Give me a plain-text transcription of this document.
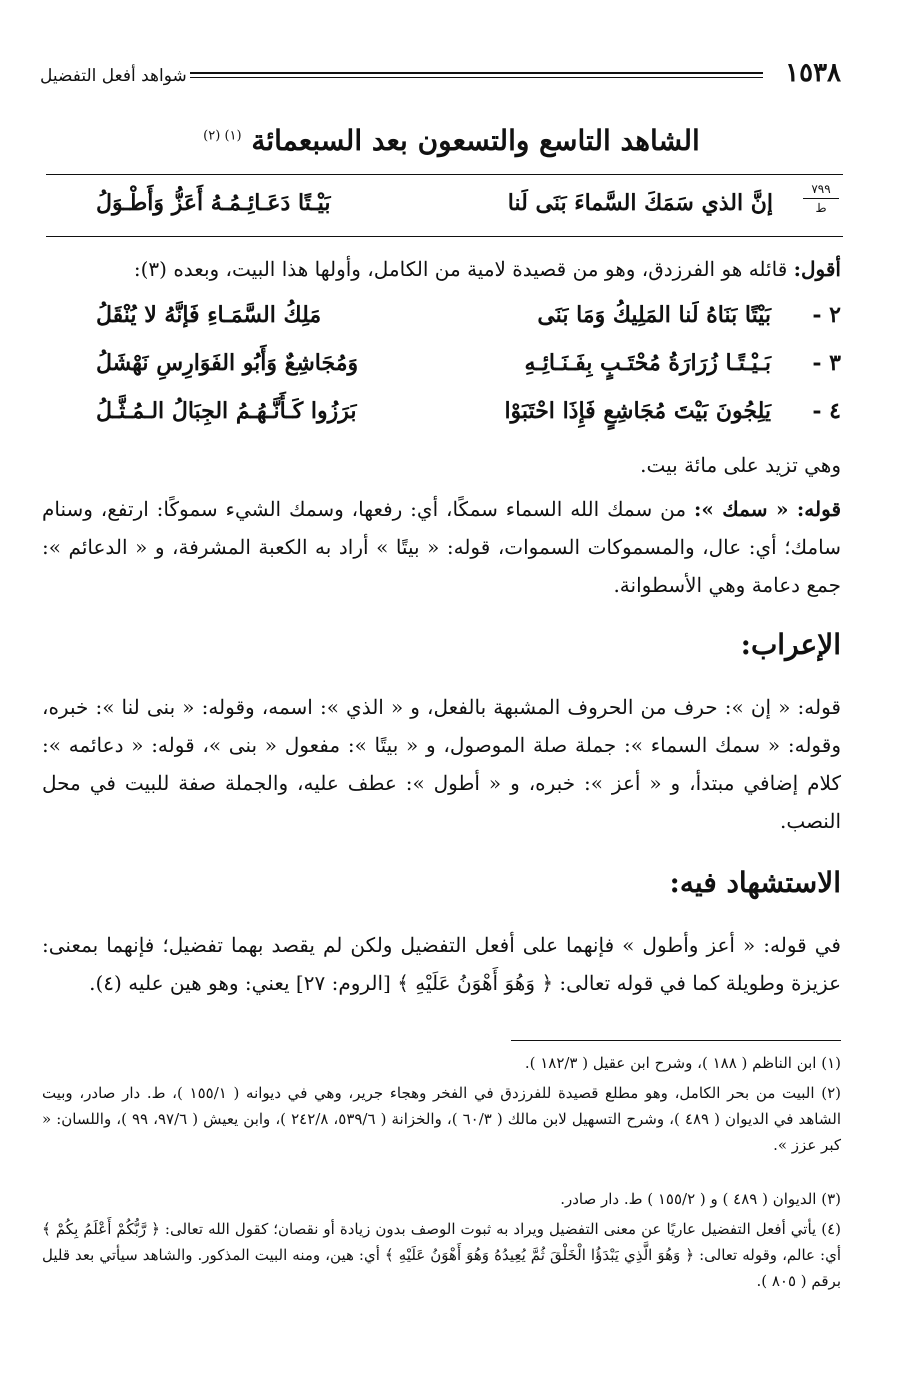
١٥٣٨
شواهد أفعل التفضيل
الشاهد التاسع والتسعون بعد السبعمائة $^{(١) (٢)}$
٧٩٩
ط
إنَّ الذي سَمَكَ السَّماءَ بَنَى لَنا
بَيْـتًا دَعَـائِـمُـهُ أَعَزُّ وَأَطْـوَلُ
أقول: قائله هو الفرزدق، وهو من قصيدة لامية من الكامل، وأولها هذا البيت، وبعده (٣):
٢ -
بَيْتًا بَنَاهُ لَنا المَلِيكُ وَمَا بَنَى
مَلِكُ السَّمَـاءِ فَإنَّهُ لا يُنْقَلُ
٣ -
بَـيْـتًـا زُرَارَةُ مُحْتَـبٍ بِفَـنَـائِـهِ
وَمُجَاشِعٌ وَأَبُو الفَوَارِسِ نَهْشَلُ
٤ -
يَلِجُونَ بَيْتَ مُجَاشِعٍ فَإِذَا احْتَبَوْا
بَرَزُوا كَـأَنَّـهُـمُ الجِبَالُ الـمُـثَّـلُ
وهي تزيد على مائة بيت.
قوله: « سمك »: من سمك الله السماء سمكًا، أي: رفعها، وسمك الشيء سموكًا: ارتفع، وسنام سامك؛ أي: عال، والمسموكات السموات، قوله: « بيتًا » أراد به الكعبة المشرفة، و « الدعائم »: جمع دعامة وهي الأسطوانة.
الإعراب:
قوله: « إن »: حرف من الحروف المشبهة بالفعل، و « الذي »: اسمه، وقوله: « بنى لنا »: خبره، وقوله: « سمك السماء »: جملة صلة الموصول، و « بيتًا »: مفعول « بنى »، قوله: « دعائمه »: كلام إضافي مبتدأ، و « أعز »: خبره، و « أطول »: عطف عليه، والجملة صفة للبيت في محل النصب.
الاستشهاد فيه:
في قوله: « أعز وأطول » فإنهما على أفعل التفضيل ولكن لم يقصد بهما تفضيل؛ فإنهما بمعنى: عزيزة وطويلة كما في قوله تعالى: ﴿ وَهُوَ أَهْوَنُ عَلَيْهِ ﴾ [الروم: ٢٧] يعني: وهو هين عليه (٤).
(١) ابن الناظم ( ١٨٨ )، وشرح ابن عقيل ( ١٨٢/٣ ).
(٢) البيت من بحر الكامل، وهو مطلع قصيدة للفرزدق في الفخر وهجاء جرير، وهي في ديوانه ( ١٥٥/١ )، ط. دار صادر، وبيت الشاهد في الديوان ( ٤٨٩ )، وشرح التسهيل لابن مالك ( ٦٠/٣ )، والخزانة ( ٥٣٩/٦، ٢٤٢/٨ )، وابن يعيش ( ٩٧/٦، ٩٩ )، واللسان: « كبر عزز ».
(٣) الديوان ( ٤٨٩ ) و ( ١٥٥/٢ ) ط. دار صادر.
(٤) يأتي أفعل التفضيل عاريًا عن معنى التفضيل ويراد به ثبوت الوصف بدون زيادة أو نقصان؛ كقول الله تعالى: ﴿ رَّبُّكُمْ أَعْلَمُ بِكُمْ ﴾ أي: عالم، وقوله تعالى: ﴿ وَهُوَ الَّذِي يَبْدَؤُا الْخَلْقَ ثُمَّ يُعِيدُهُ وَهُوَ أَهْوَنُ عَلَيْهِ ﴾ أي: هين، ومنه البيت المذكور. والشاهد سيأتي بعد قليل برقم ( ٨٠٥ ).
